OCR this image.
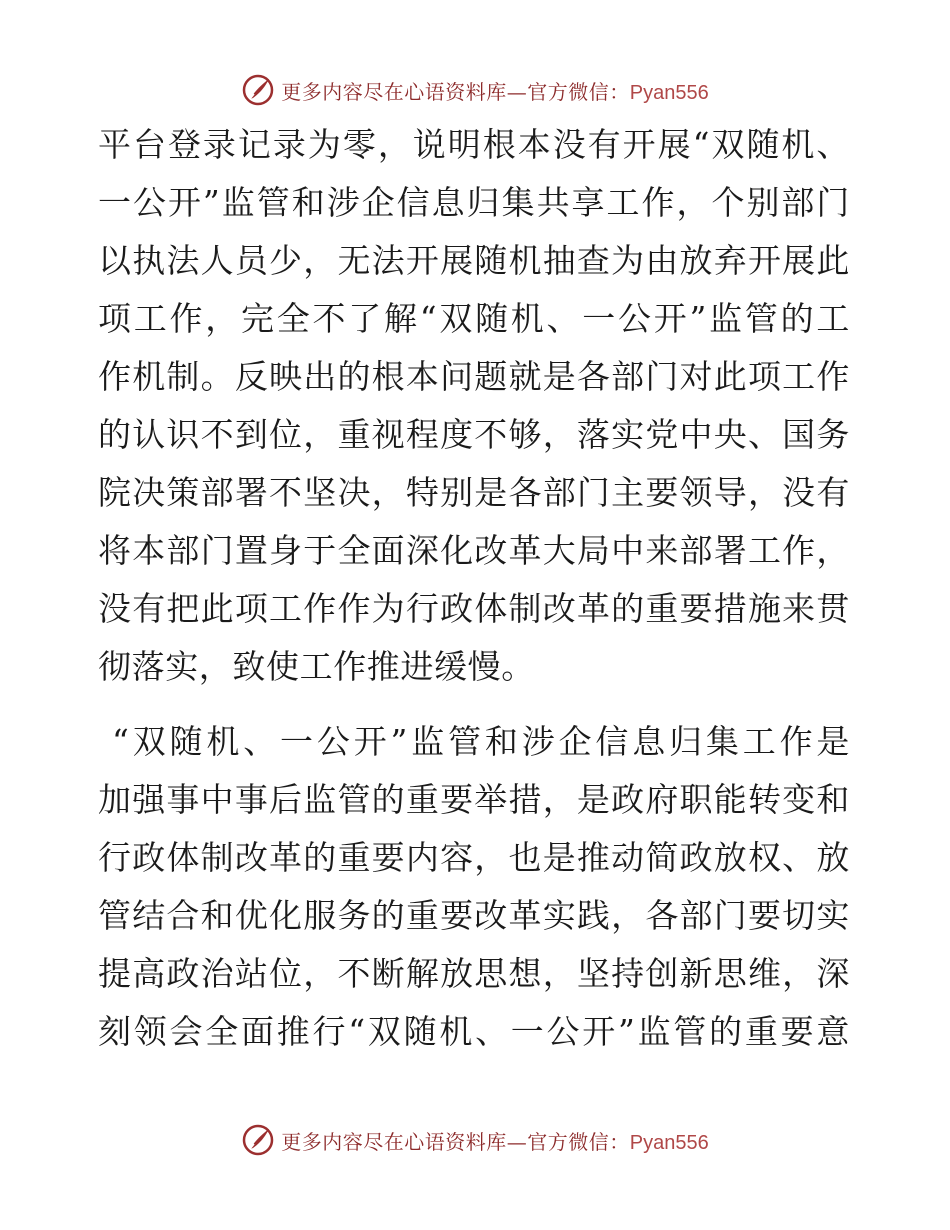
更多内容尽在心语资料库—官方微信：Pyan556
平台登录记录为零，说明根本没有开展“双随机、
一公开”监管和涉企信息归集共享工作，个别部门
以执法人员少，无法开展随机抽查为由放弃开展此
项工作，完全不了解“双随机、一公开”监管的工
作机制。反映出的根本问题就是各部门对此项工作
的认识不到位，重视程度不够，落实党中央、国务
院决策部署不坚决，特别是各部门主要领导，没有
将本部门置身于全面深化改革大局中来部署工作，
没有把此项工作作为行政体制改革的重要措施来贯
彻落实，致使工作推进缓慢。
“双随机、一公开”监管和涉企信息归集工作是
加强事中事后监管的重要举措，是政府职能转变和
行政体制改革的重要内容，也是推动简政放权、放
管结合和优化服务的重要改革实践，各部门要切实
提高政治站位，不断解放思想，坚持创新思维，深
刻领会全面推行“双随机、一公开”监管的重要意
更多内容尽在心语资料库—官方微信：Pyan556
